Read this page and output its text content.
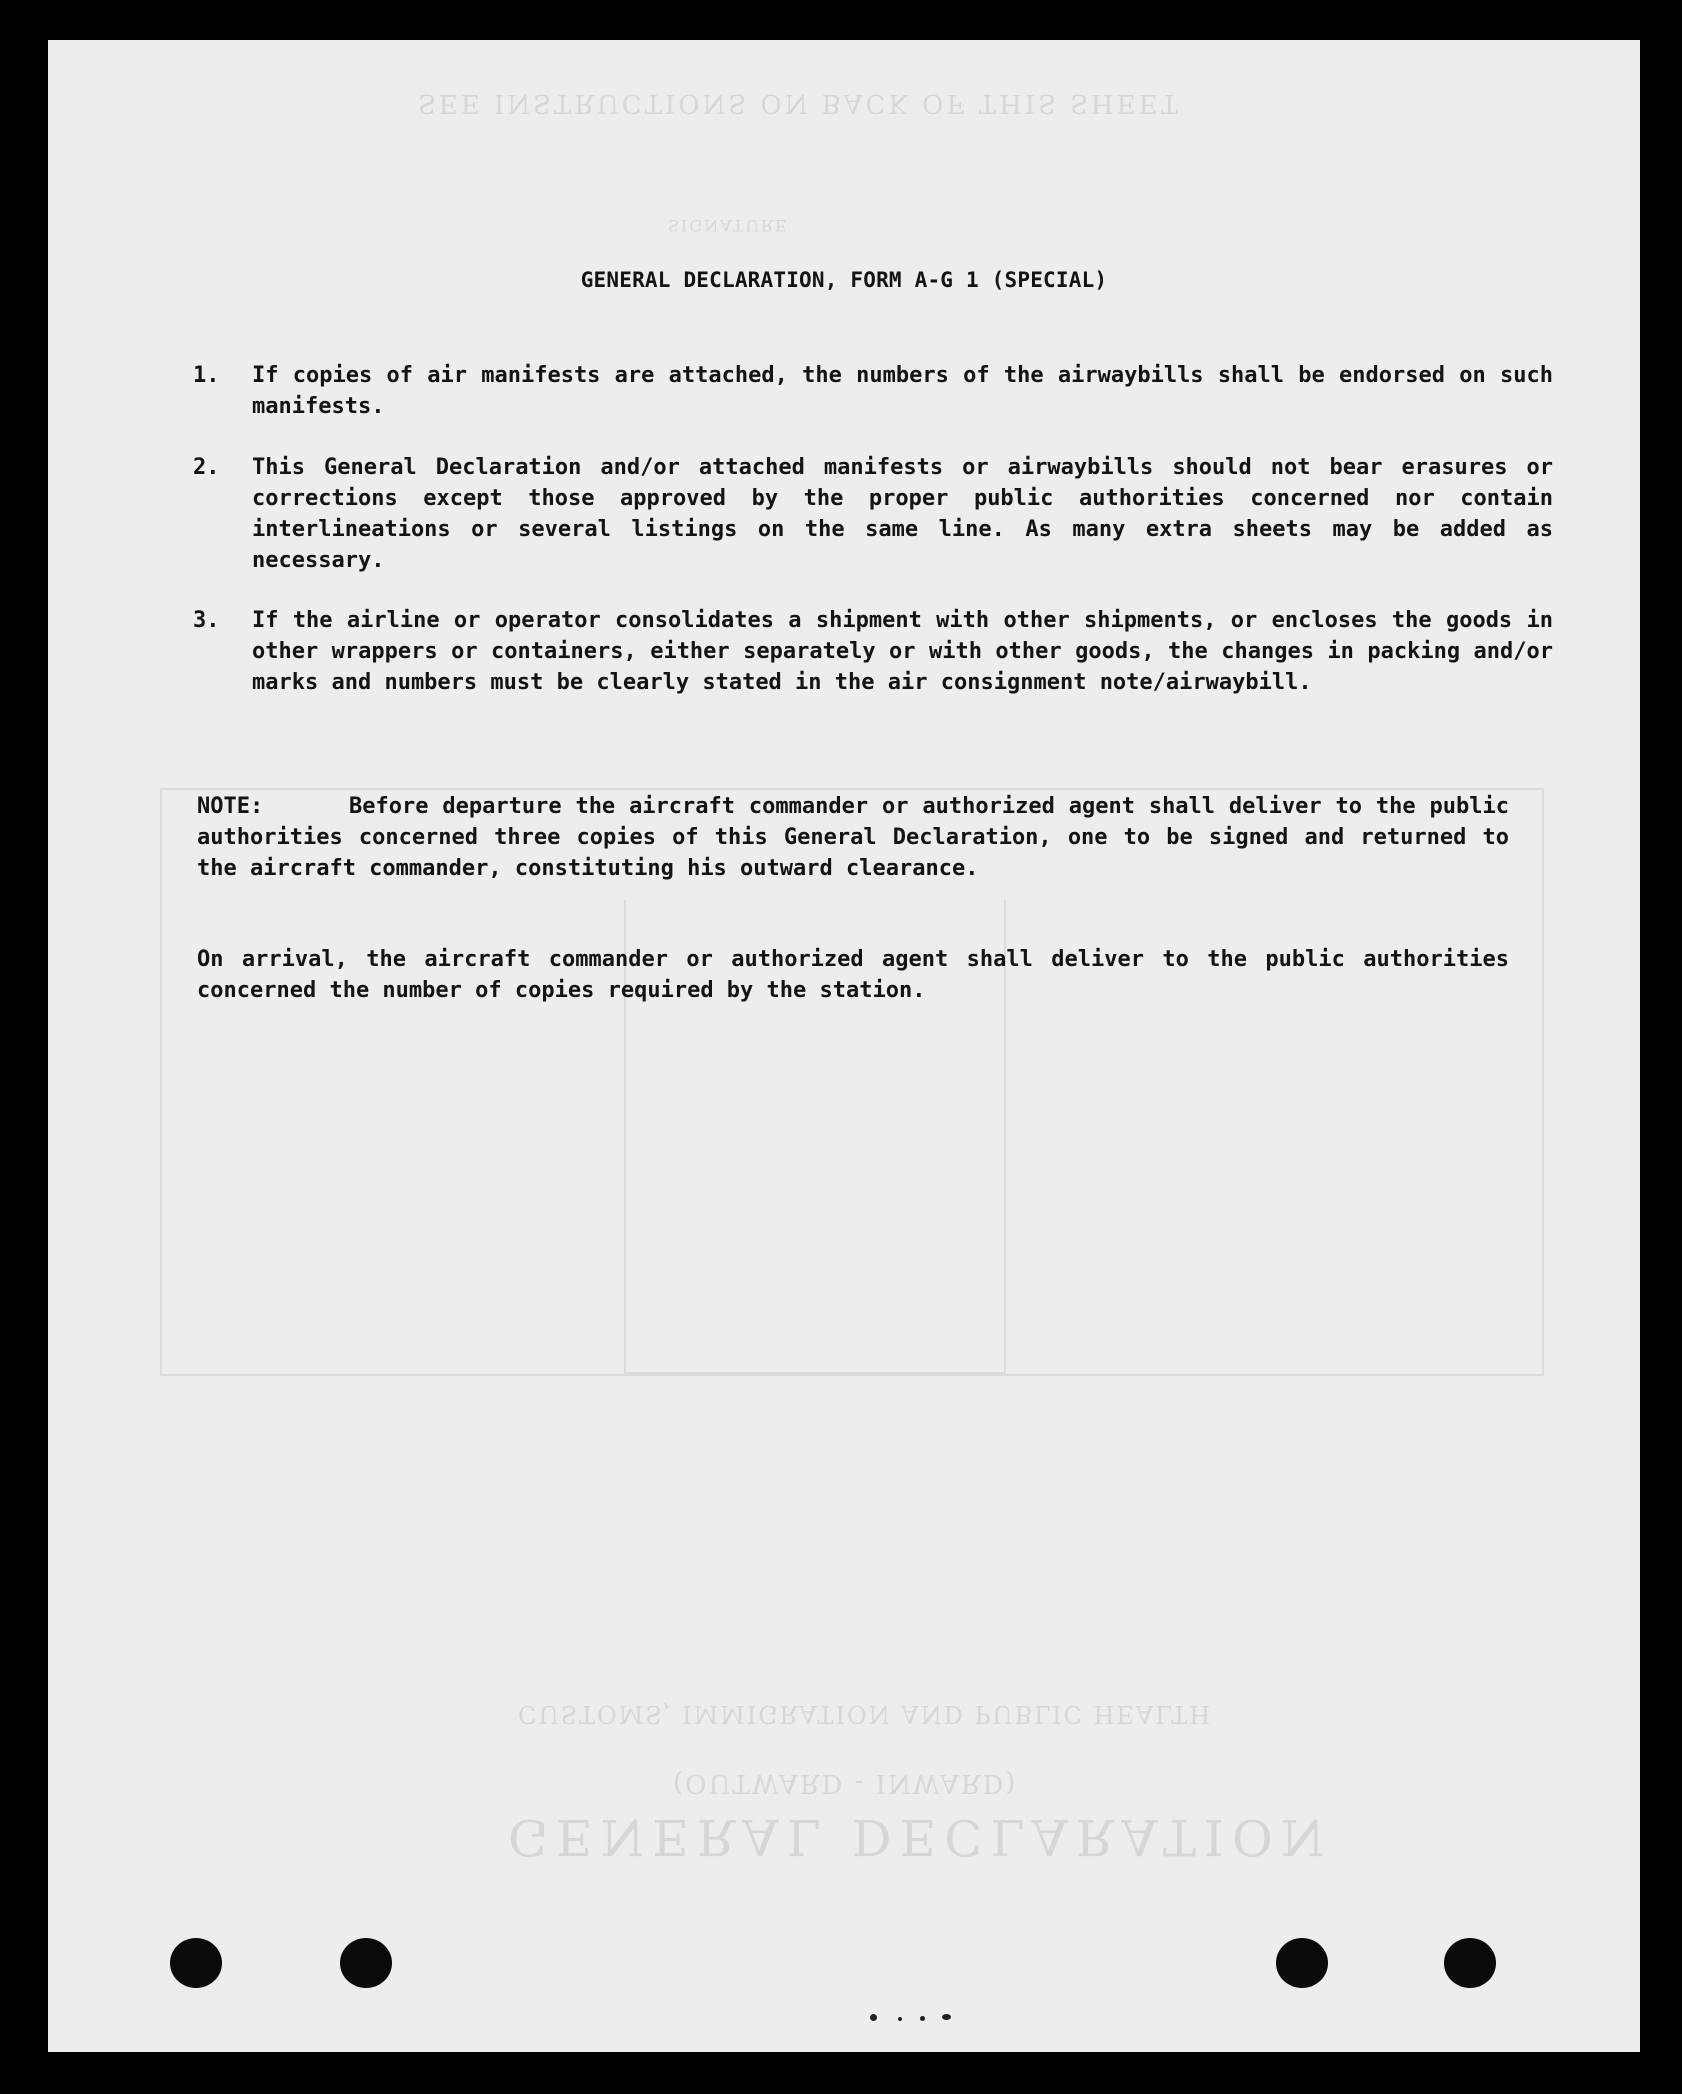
SEE INSTRUCTIONS ON BACK OF THIS SHEET
SIGNATURE
CUSTOMS, IMMIGRATION AND PUBLIC HEALTH
(OUTWARD - INWARD)
GENERAL DECLARATION
GENERAL DECLARATION, FORM A-G 1 (SPECIAL)
1. If copies of air manifests are attached, the numbers of the airwaybills shall be endorsed on such manifests.
2. This General Declaration and/or attached manifests or airwaybills should not bear erasures or corrections except those approved by the proper public authorities concerned nor contain interlineations or several listings on the same line. As many extra sheets may be added as necessary.
3. If the airline or operator consolidates a shipment with other shipments, or encloses the goods in other wrappers or containers, either separately or with other goods, the changes in packing and/or marks and numbers must be clearly stated in the air consignment note/airwaybill.
NOTE:	Before departure the aircraft commander or authorized agent shall deliver to the public authorities concerned three copies of this General Declaration, one to be signed and returned to the aircraft commander, constituting his outward clearance.
On arrival, the aircraft commander or authorized agent shall deliver to the public authorities concerned the number of copies required by the station.
